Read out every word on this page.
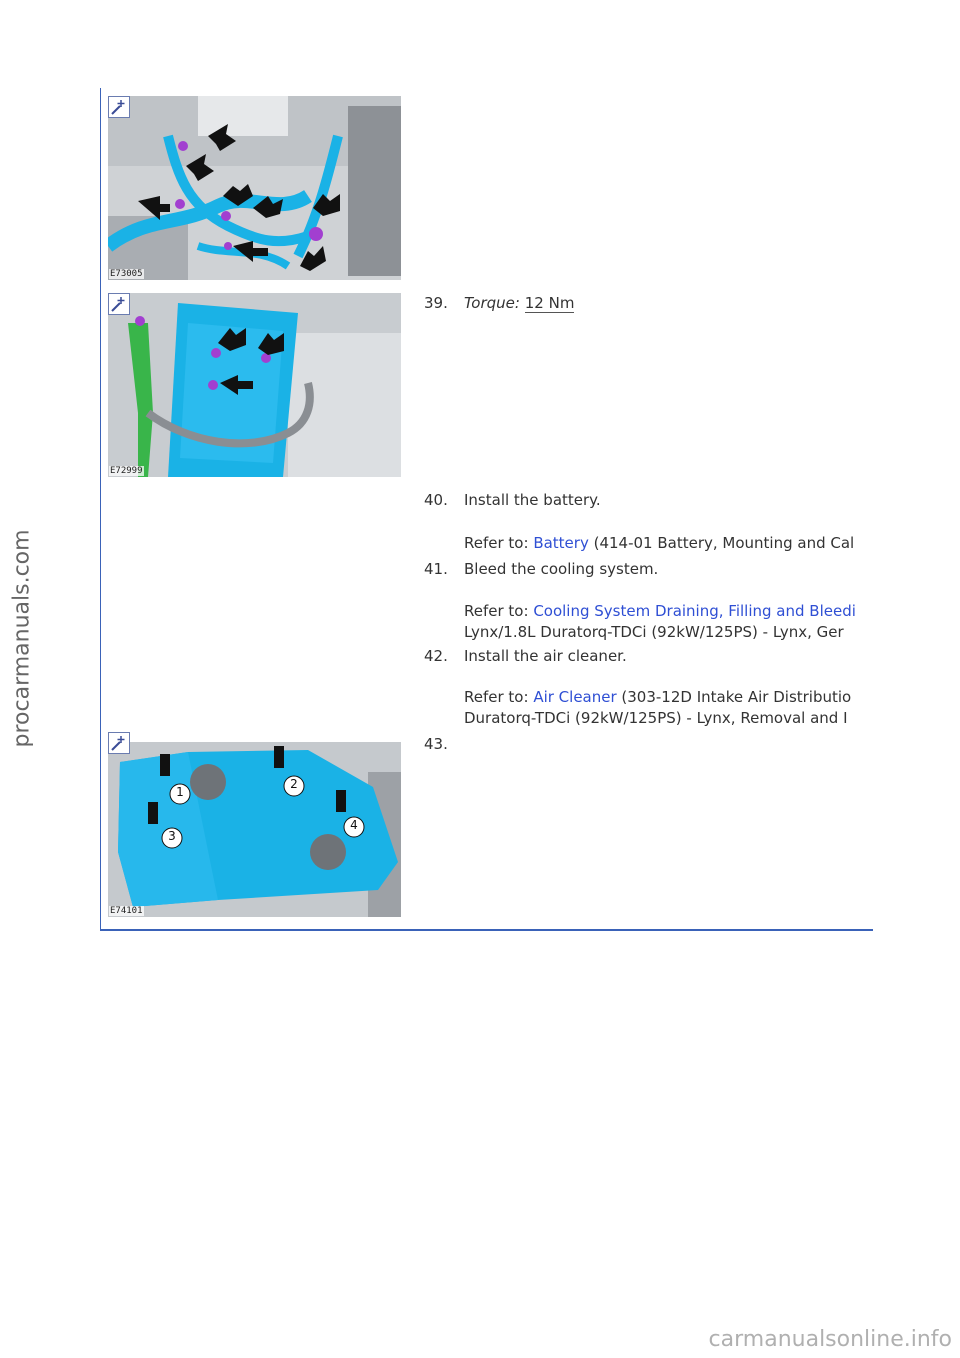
procarmanuals.com
E73005
E72999
1
2
3
4
E74101
39. Torque: 12 Nm
40. Install the battery.
Refer to: Battery (414-01 Battery, Mounting and Cal
41. Bleed the cooling system.
Refer to: Cooling System Draining, Filling and Bleedi
Lynx/1.8L Duratorq-TDCi (92kW/125PS) - Lynx, Ger
42. Install the air cleaner.
Refer to: Air Cleaner (303-12D Intake Air Distributio
Duratorq-TDCi (92kW/125PS) - Lynx, Removal and I
43.
carmanualsonline.info
